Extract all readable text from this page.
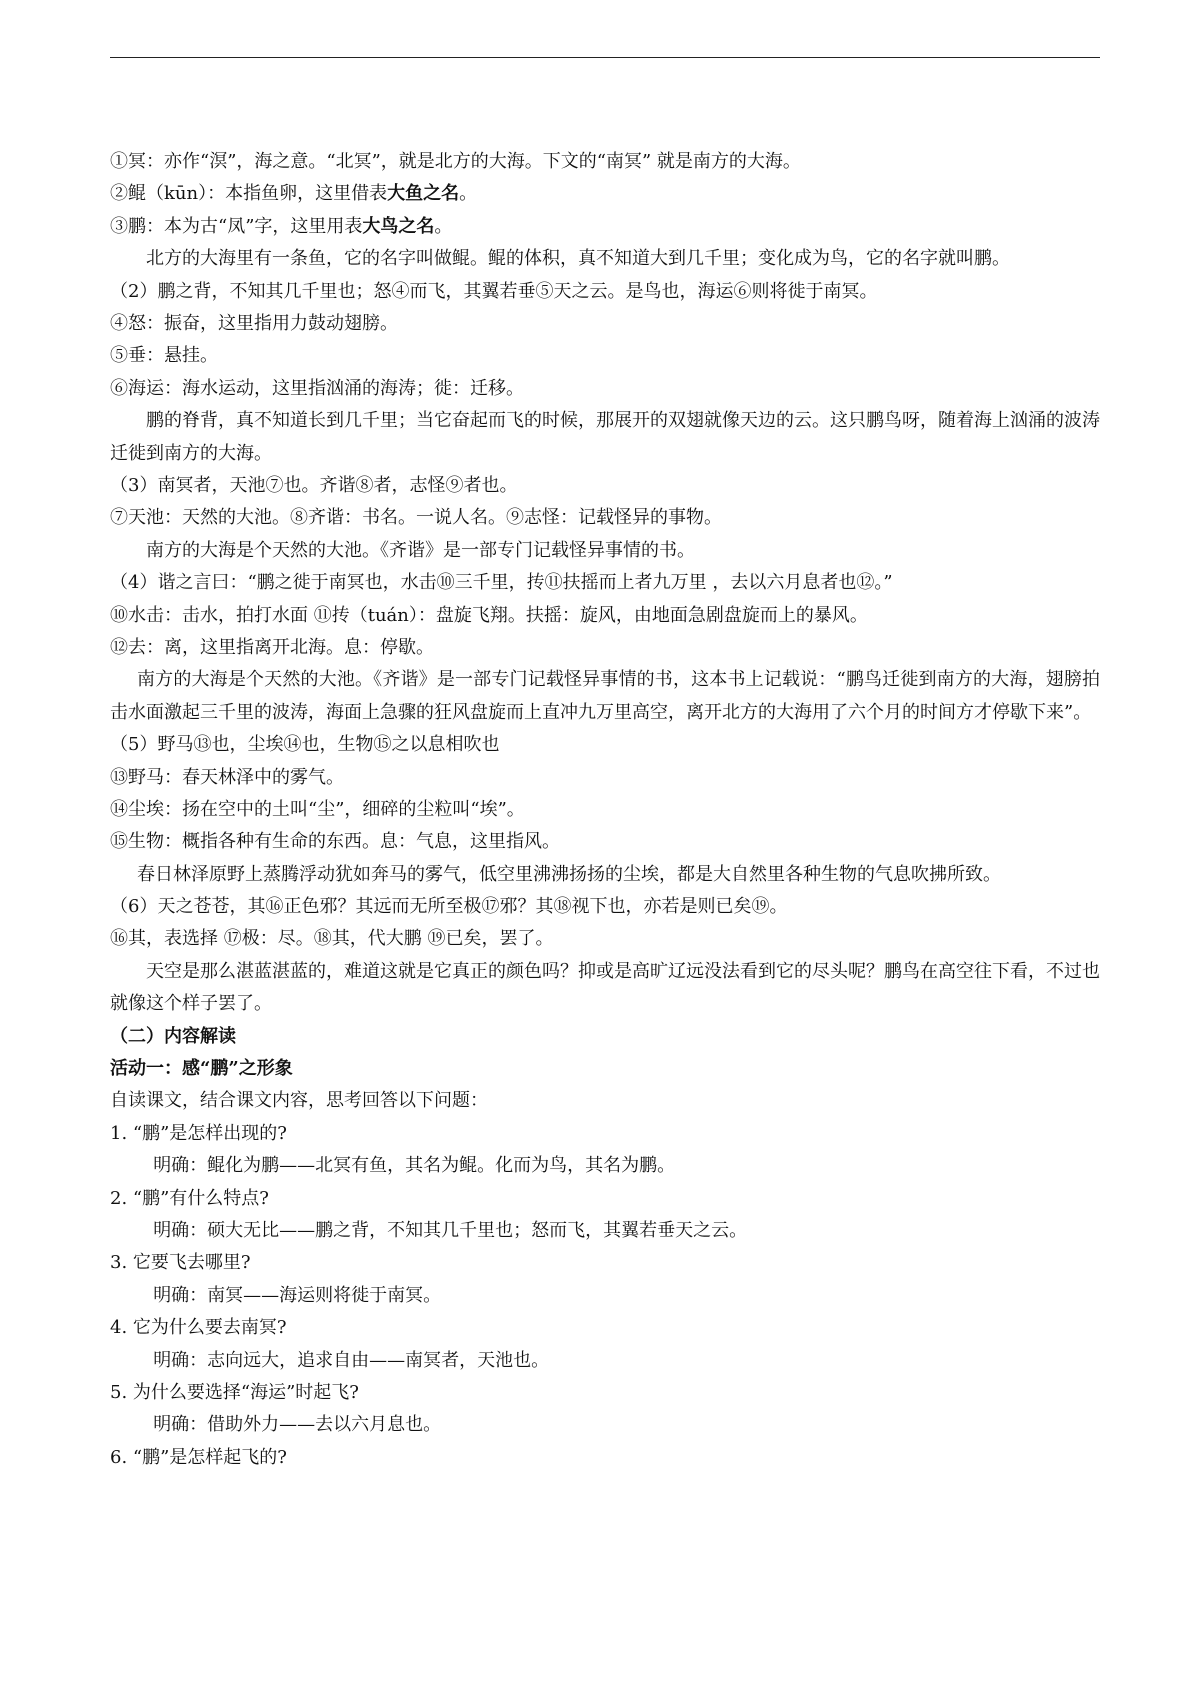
①冥：亦作“溟”，海之意。“北冥”，就是北方的大海。下文的“南冥” 就是南方的大海。
②鲲（kūn）：本指鱼卵，这里借表大鱼之名。
③鹏：本为古“凤”字，这里用表大鸟之名。
北方的大海里有一条鱼，它的名字叫做鲲。鲲的体积，真不知道大到几千里；变化成为鸟，它的名字就叫鹏。
（2）鹏之背，不知其几千里也；怒④而飞，其翼若垂⑤天之云。是鸟也，海运⑥则将徙于南冥。
④怒：振奋，这里指用力鼓动翅膀。
⑤垂：悬挂。
⑥海运：海水运动，这里指汹涌的海涛；徙：迁移。
鹏的脊背，真不知道长到几千里；当它奋起而飞的时候，那展开的双翅就像天边的云。这只鹏鸟呀，随着海上汹涌的波涛迁徙到南方的大海。
（3）南冥者，天池⑦也。齐谐⑧者，志怪⑨者也。
⑦天池：天然的大池。⑧齐谐：书名。一说人名。⑨志怪：记载怪异的事物。
南方的大海是个天然的大池。《齐谐》是一部专门记载怪异事情的书。
（4）谐之言曰：“鹏之徙于南冥也，水击⑩三千里，抟⑪扶摇而上者九万里 ，去以六月息者也⑫。”
⑩水击：击水，拍打水面 ⑪抟（tuán）：盘旋飞翔。扶摇：旋风，由地面急剧盘旋而上的暴风。
⑫去：离，这里指离开北海。息：停歇。
南方的大海是个天然的大池。《齐谐》是一部专门记载怪异事情的书，这本书上记载说：“鹏鸟迁徙到南方的大海，翅膀拍击水面激起三千里的波涛，海面上急骤的狂风盘旋而上直冲九万里高空，离开北方的大海用了六个月的时间方才停歇下来”。
（5）野马⑬也，尘埃⑭也，生物⑮之以息相吹也
⑬野马：春天林泽中的雾气。
⑭尘埃：扬在空中的土叫“尘”，细碎的尘粒叫“埃”。
⑮生物：概指各种有生命的东西。息：气息，这里指风。
春日林泽原野上蒸腾浮动犹如奔马的雾气，低空里沸沸扬扬的尘埃，都是大自然里各种生物的气息吹拂所致。
（6）天之苍苍，其⑯正色邪？其远而无所至极⑰邪？其⑱视下也，亦若是则已矣⑲。
⑯其，表选择 ⑰极：尽。⑱其，代大鹏 ⑲已矣，罢了。
天空是那么湛蓝湛蓝的，难道这就是它真正的颜色吗？抑或是高旷辽远没法看到它的尽头呢？鹏鸟在高空往下看，不过也就像这个样子罢了。
（二）内容解读
活动一：感“鹏”之形象
自读课文，结合课文内容，思考回答以下问题：
1. “鹏”是怎样出现的?
明确：鲲化为鹏——北冥有鱼，其名为鲲。化而为鸟，其名为鹏。
2. “鹏”有什么特点?
明确：硕大无比——鹏之背，不知其几千里也；怒而飞，其翼若垂天之云。
3. 它要飞去哪里?
明确：南冥——海运则将徙于南冥。
4. 它为什么要去南冥?
明确：志向远大，追求自由——南冥者，天池也。
5. 为什么要选择“海运”时起飞?
明确：借助外力——去以六月息也。
6. “鹏”是怎样起飞的?
